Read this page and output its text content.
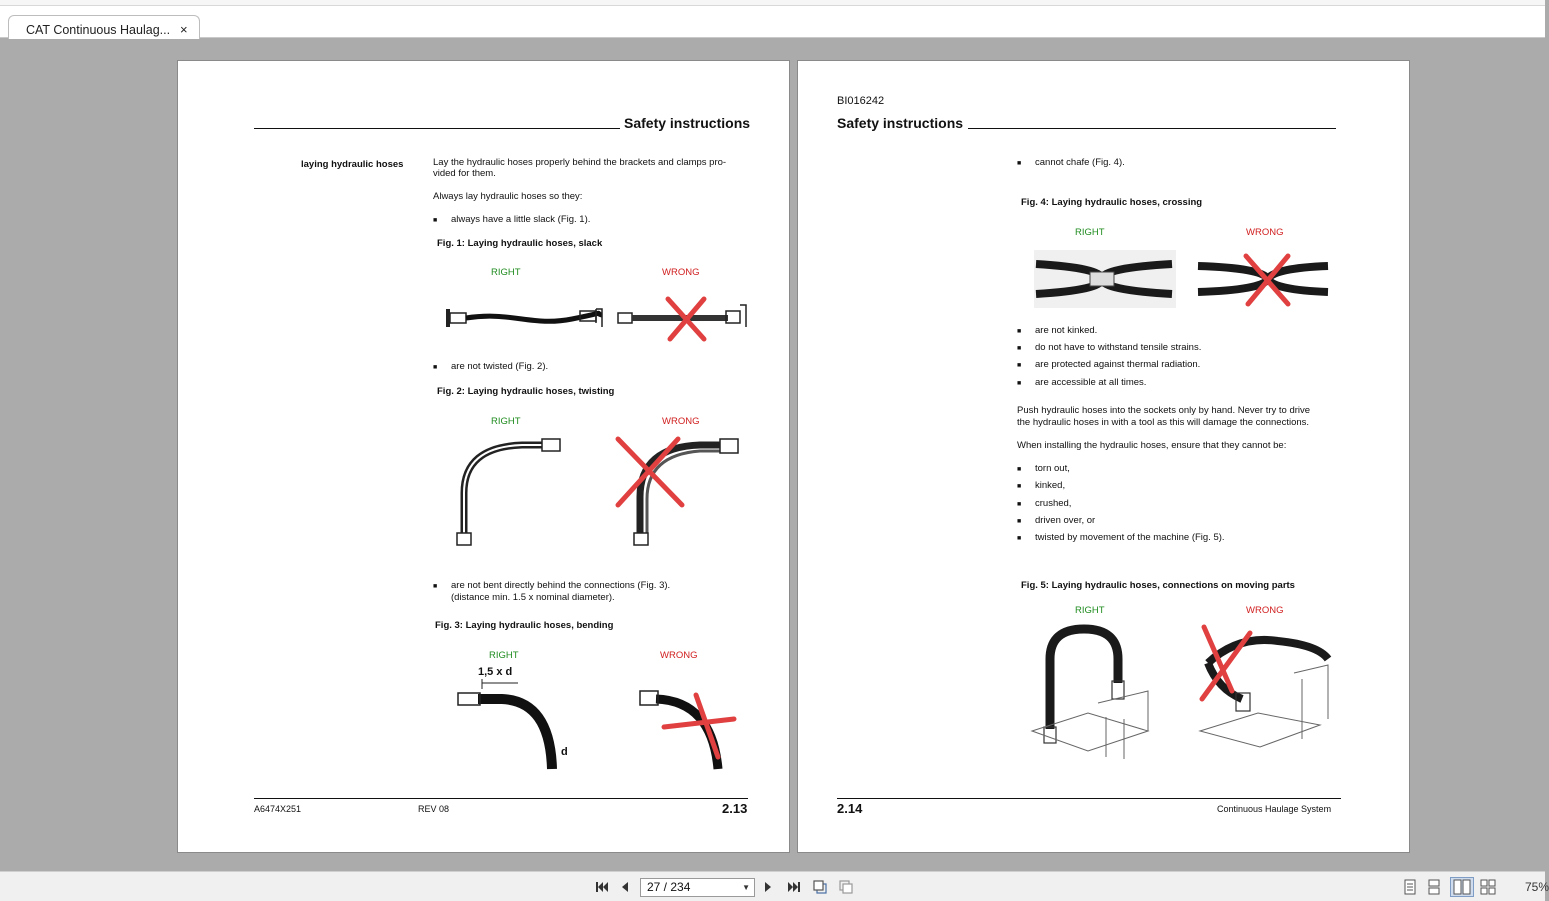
CAT Continuous Haulag... ×
Safety instructions
laying hydraulic hoses	Lay the hydraulic hoses properly behind the brackets and clamps pro-
vided for them.
Always lay hydraulic hoses so they:
■ always have a little slack (Fig. 1).
Fig. 1: Laying hydraulic hoses, slack
RIGHT	WRONG
■ are not twisted (Fig. 2).
Fig. 2: Laying hydraulic hoses, twisting
RIGHT	WRONG
■ are not bent directly behind the connections (Fig. 3).
(distance min. 1.5 x nominal diameter).
Fig. 3: Laying hydraulic hoses, bending
RIGHT	WRONG
1,5 x d
d
A6474X251	REV 08	2.13
BI016242
Safety instructions
■ cannot chafe (Fig. 4).
Fig. 4: Laying hydraulic hoses, crossing
RIGHT	WRONG
■ are not kinked.
■ do not have to withstand tensile strains.
■ are protected against thermal radiation.
■ are accessible at all times.
Push hydraulic hoses into the sockets only by hand. Never try to drive
the hydraulic hoses in with a tool as this will damage the connections.
When installing the hydraulic hoses, ensure that they cannot be:
■ torn out,
■ kinked,
■ crushed,
■ driven over, or
■ twisted by movement of the machine (Fig. 5).
Fig. 5: Laying hydraulic hoses, connections on moving parts
RIGHT	WRONG
2.14	Continuous Haulage System
27 / 234	▼	75%
